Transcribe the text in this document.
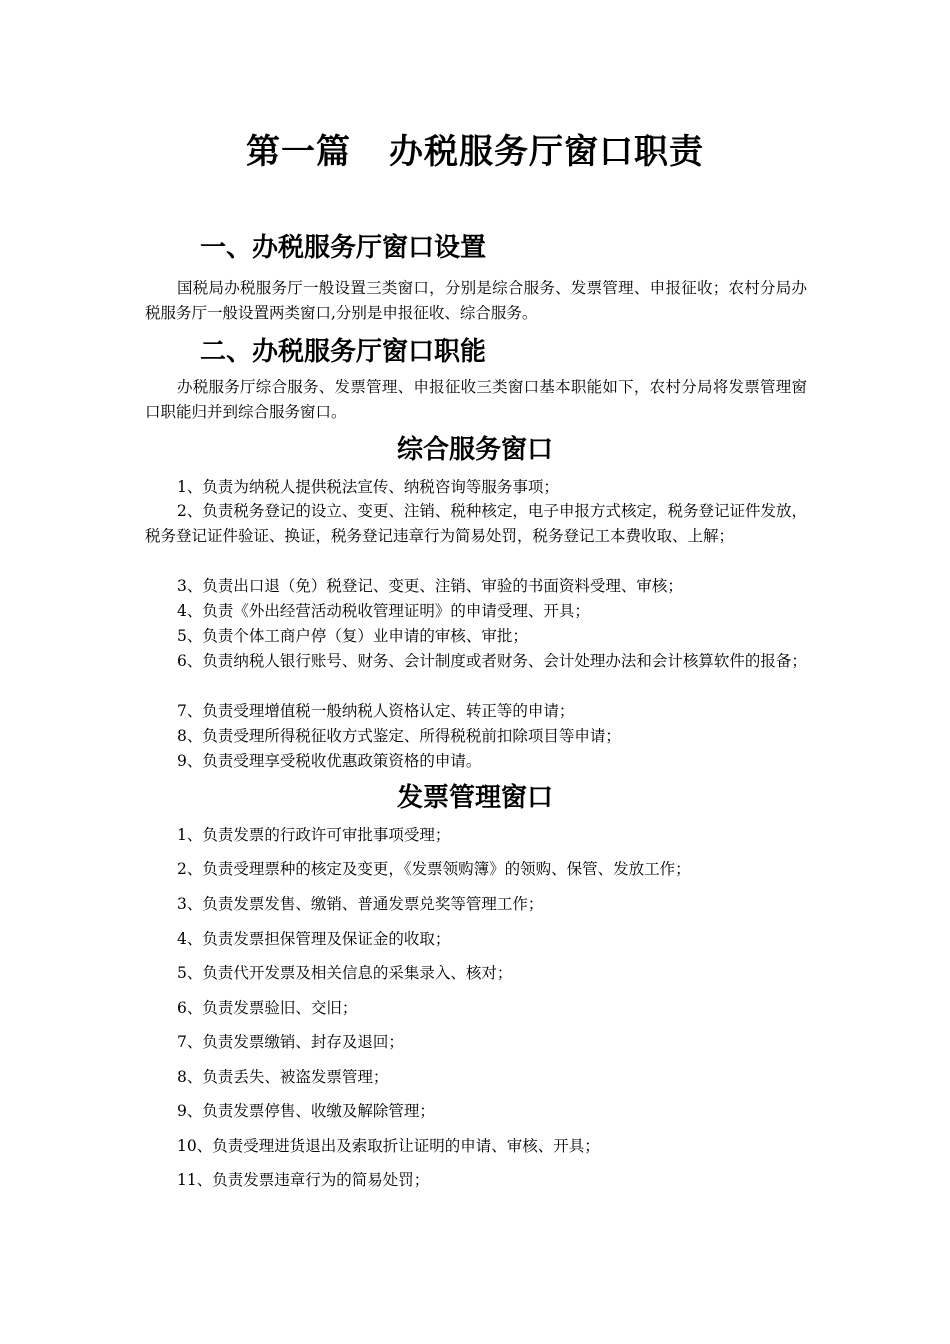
第一篇 办税服务厅窗口职责
一、办税服务厅窗口设置

国税局办税服务厅一般设置三类窗口，分别是综合服务、发票管理、申报征收；农村分局办税服务厅一般设置两类窗口,分别是申报征收、综合服务。

二、办税服务厅窗口职能

办税服务厅综合服务、发票管理、申报征收三类窗口基本职能如下，农村分局将发票管理窗口职能归并到综合服务窗口。

综合服务窗口

1、负责为纳税人提供税法宣传、纳税咨询等服务事项；

2、负责税务登记的设立、变更、注销、税种核定，电子申报方式核定，税务登记证件发放，税务登记证件验证、换证，税务登记违章行为简易处罚，税务登记工本费收取、上解；

3、负责出口退（免）税登记、变更、注销、审验的书面资料受理、审核；

4、负责《外出经营活动税收管理证明》的申请受理、开具；

5、负责个体工商户停（复）业申请的审核、审批；

6、负责纳税人银行账号、财务、会计制度或者财务、会计处理办法和会计核算软件的报备；

7、负责受理增值税一般纳税人资格认定、转正等的申请；

8、负责受理所得税征收方式鉴定、所得税税前扣除项目等申请；

9、负责受理享受税收优惠政策资格的申请。

发票管理窗口

1、负责发票的行政许可审批事项受理；

2、负责受理票种的核定及变更，《发票领购簿》的领购、保管、发放工作；

3、负责发票发售、缴销、普通发票兑奖等管理工作；

4、负责发票担保管理及保证金的收取；

5、负责代开发票及相关信息的采集录入、核对；

6、负责发票验旧、交旧；

7、负责发票缴销、封存及退回；

8、负责丢失、被盗发票管理；

9、负责发票停售、收缴及解除管理；

10、负责受理进货退出及索取折让证明的申请、审核、开具；

11、负责发票违章行为的简易处罚；
